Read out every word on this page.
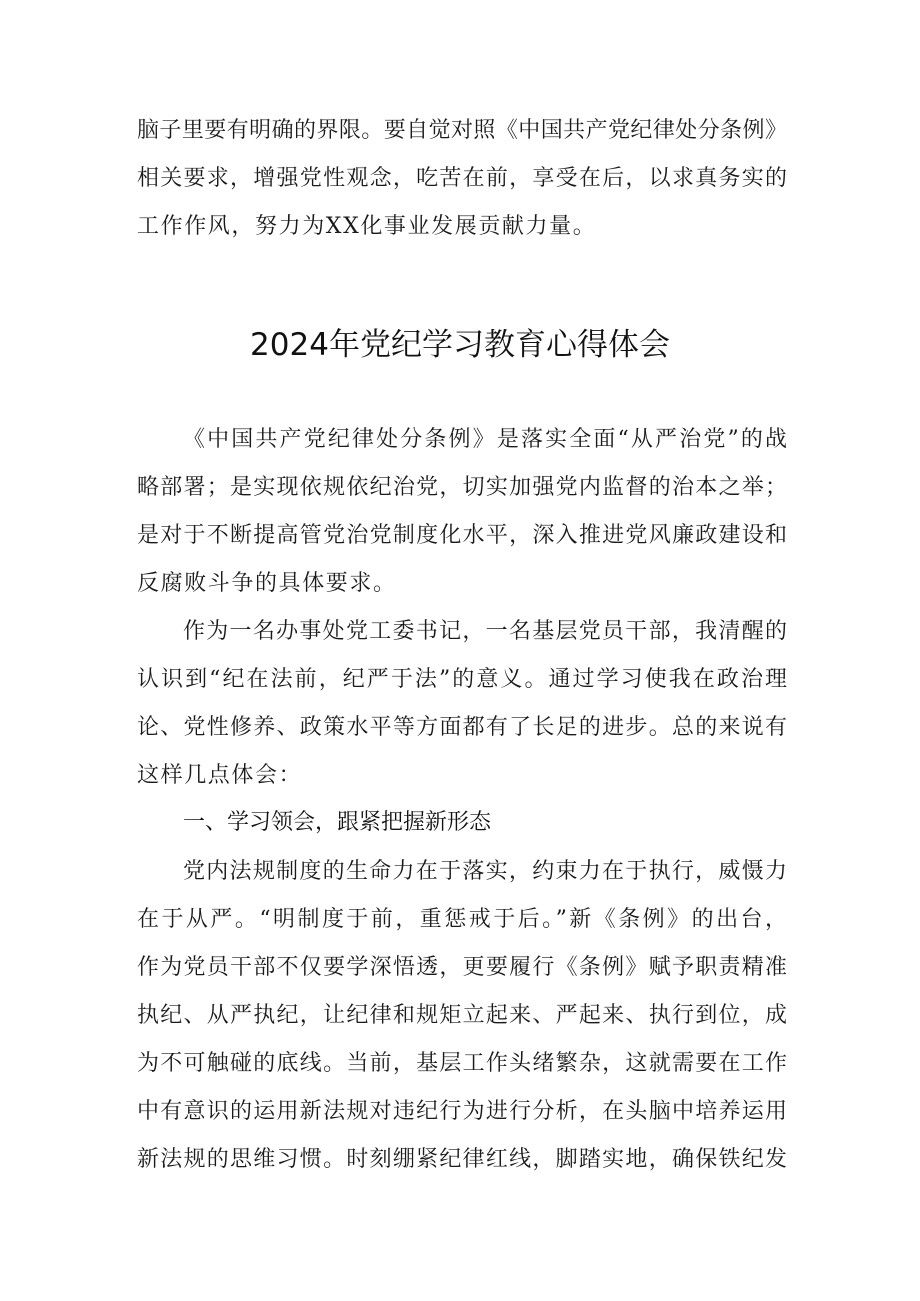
脑子里要有明确的界限。要自觉对照《中国共产党纪律处分条例》
相关要求，增强党性观念，吃苦在前，享受在后，以求真务实的
工作作风，努力为XX化事业发展贡献力量。
2024年党纪学习教育心得体会
《中国共产党纪律处分条例》是落实全面“从严治党”的战
略部署；是实现依规依纪治党，切实加强党内监督的治本之举；
是对于不断提高管党治党制度化水平，深入推进党风廉政建设和
反腐败斗争的具体要求。
作为一名办事处党工委书记，一名基层党员干部，我清醒的
认识到“纪在法前，纪严于法”的意义。通过学习使我在政治理
论、党性修养、政策水平等方面都有了长足的进步。总的来说有
这样几点体会：
一、学习领会，跟紧把握新形态
党内法规制度的生命力在于落实，约束力在于执行，威慑力
在于从严。“明制度于前，重惩戒于后。”新《条例》的出台，
作为党员干部不仅要学深悟透，更要履行《条例》赋予职责精准
执纪、从严执纪，让纪律和规矩立起来、严起来、执行到位，成
为不可触碰的底线。当前，基层工作头绪繁杂，这就需要在工作
中有意识的运用新法规对违纪行为进行分析，在头脑中培养运用
新法规的思维习惯。时刻绷紧纪律红线，脚踏实地，确保铁纪发
